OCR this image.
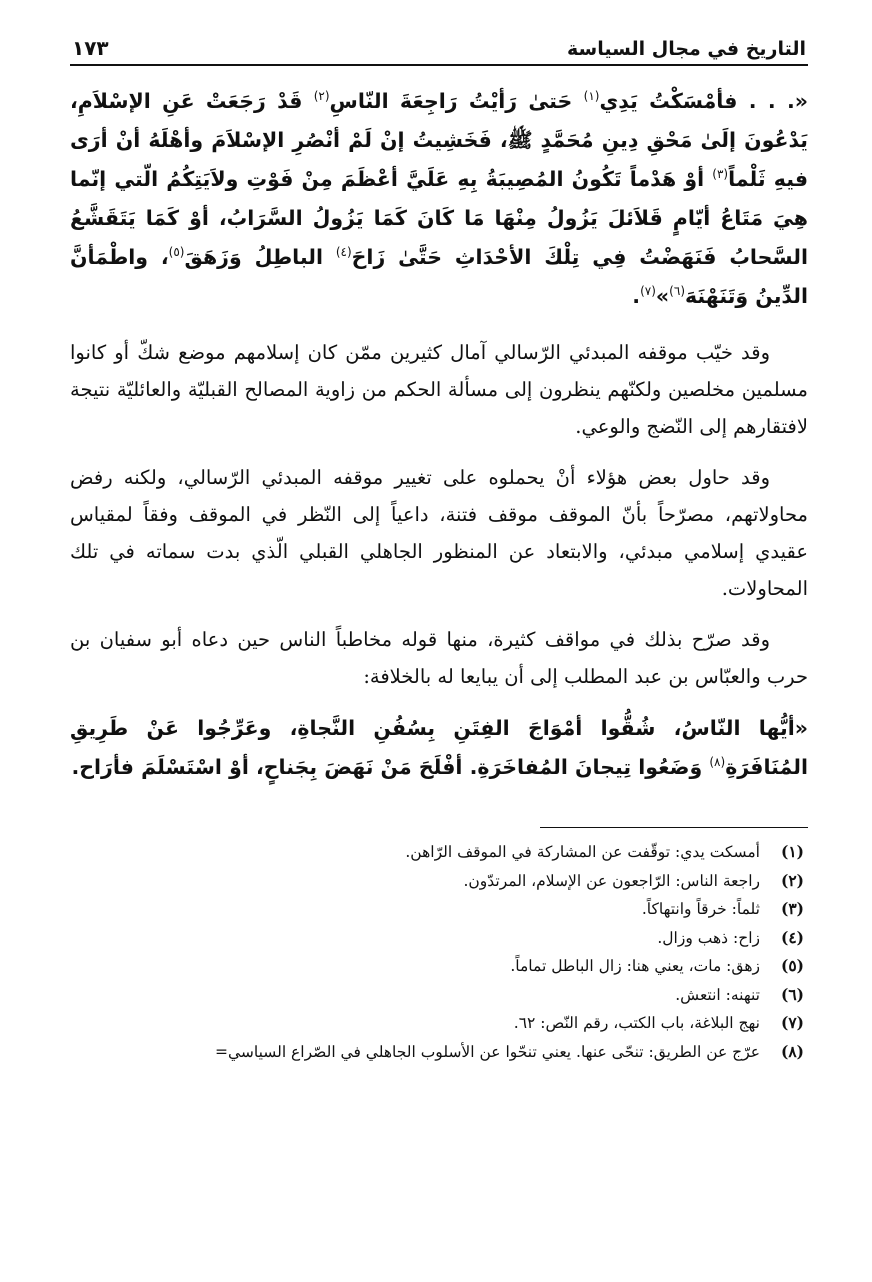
التاريخ في مجال السياسة
١٧٣

«. . . فأمْسَكْتُ يَدِي$^{(١)}$ حَتىٰ رَأيْتُ رَاجِعَةَ النّاسِ$^{(٢)}$ قَدْ رَجَعَتْ عَنِ الإسْلاَمِ، يَدْعُونَ إلَىٰ مَحْقِ دِينِ مُحَمَّدٍ ﷺ، فَخَشِيتُ إنْ لَمْ أنْصُرِ الإسْلاَمَ وأهْلَهُ أنْ أرَى فيهِ ثَلْماً$^{(٣)}$ أوْ هَدْماً تَكُونُ المُصِيبَةُ بِهِ عَلَيَّ أعْظَمَ مِنْ فَوْتِ ولاَيَتِكُمُ الّتي إنّما هِيَ مَتَاعُ أيّامٍ قَلاَئلَ يَزُولُ مِنْهَا مَا كَانَ كَمَا يَزُولُ السَّرَابُ، أوْ كَمَا يَتَقَشَّعُ السَّحابُ فَنَهَضْتُ فِي تِلْكَ الأحْدَاثِ حَتَّىٰ زَاحَ$^{(٤)}$ الباطِلُ وَزَهَقَ$^{(٥)}$، واطْمَأنَّ الدِّينُ وَتَنَهْنَهَ$^{(٦)}$»$^{(٧)}$.

وقد خيّب موقفه المبدئي الرّسالي آمال كثيرين ممّن كان إسلامهم موضع شكّ أو كانوا مسلمين مخلصين ولكنّهم ينظرون إلى مسألة الحكم من زاوية المصالح القبليّة والعائليّة نتيجة لافتقارهم إلى النّضج والوعي.

وقد حاول بعض هؤلاء أنْ يحملوه على تغيير موقفه المبدئي الرّسالي، ولكنه رفض محاولاتهم، مصرّحاً بأنّ الموقف موقف فتنة، داعياً إلى النّظر في الموقف وفقاً لمقياس عقيدي إسلامي مبدئي، والابتعاد عن المنظور الجاهلي القبلي الّذي بدت سماته في تلك المحاولات.

وقد صرّح بذلك في مواقف كثيرة، منها قوله مخاطباً الناس حين دعاه أبو سفيان بن حرب والعبّاس بن عبد المطلب إلى أن يبايعا له بالخلافة:

«أيُّها النّاسُ، شُقُّوا أمْوَاجَ الفِتَنِ بِسُفُنِ النَّجاةِ، وعَرِّجُوا عَنْ طَرِيقِ المُنَافَرَةِ$^{(٨)}$ وَضَعُوا تِيجانَ المُفاخَرَةِ. أفْلَحَ مَنْ نَهَضَ بِجَناحٍ، أوْ اسْتَسْلَمَ فأرَاح.

(١)
أمسكت يدي: توقّفت عن المشاركة في الموقف الرّاهن.
(٢)
راجعة الناس: الرّاجعون عن الإسلام، المرتدّون.
(٣)
ثلماً: خرقاً وانتهاكاً.
(٤)
زاح: ذهب وزال.
(٥)
زهق: مات، يعني هنا: زال الباطل تماماً.
(٦)
تنهنه: انتعش.
(٧)
نهج البلاغة، باب الكتب، رقم النّص: ٦٢.
(٨)
عرّج عن الطريق: تنحّى عنها. يعني تنحّوا عن الأسلوب الجاهلي في الصّراع السياسي=
